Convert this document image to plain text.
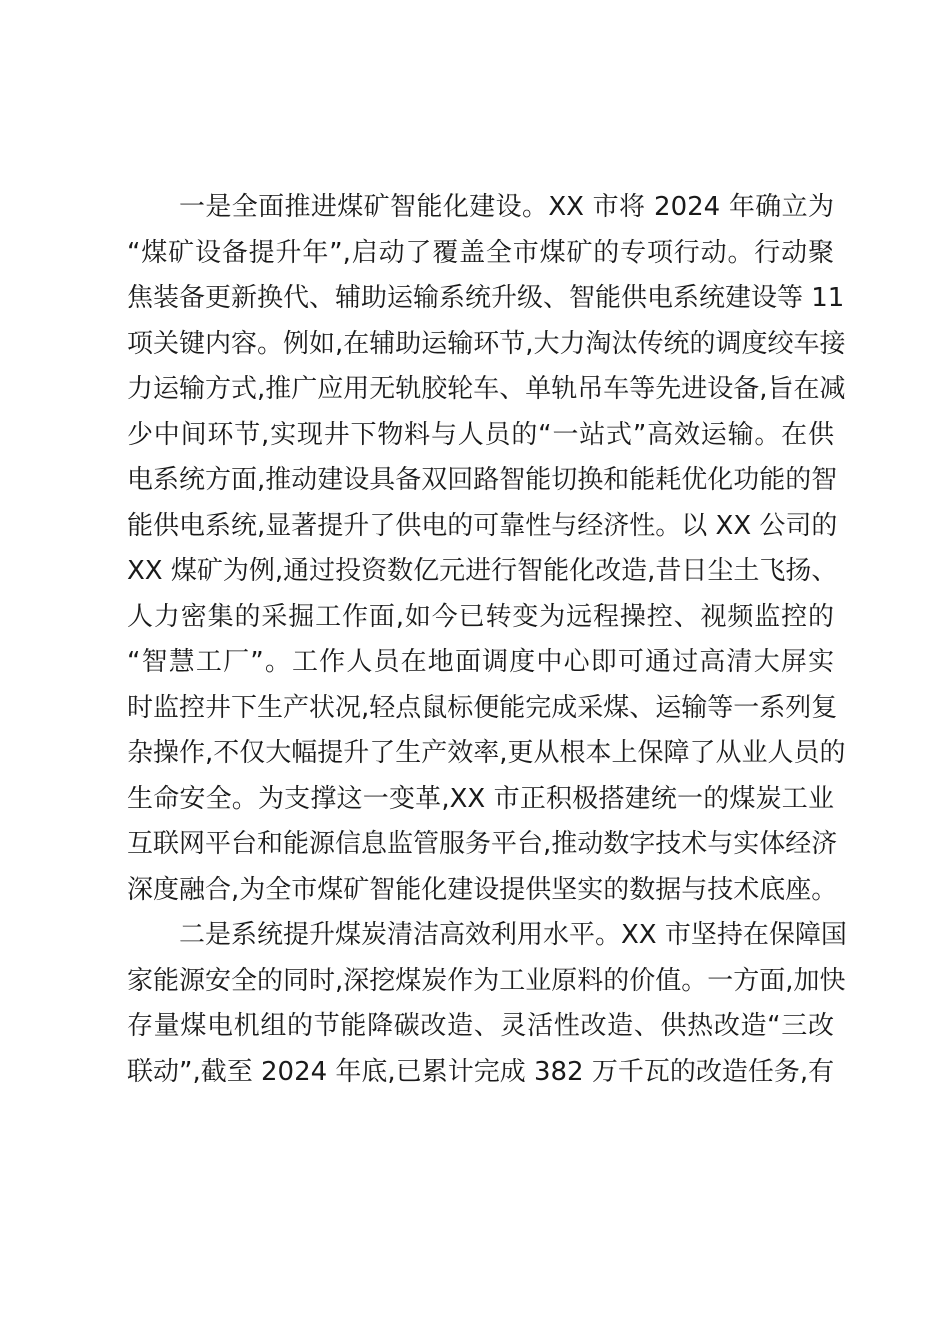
一是全面推进煤矿智能化建设。XX 市将 2024 年确立为
“煤矿设备提升年”,启动了覆盖全市煤矿的专项行动。行动聚
焦装备更新换代、辅助运输系统升级、智能供电系统建设等 11
项关键内容。例如,在辅助运输环节,大力淘汰传统的调度绞车接
力运输方式,推广应用无轨胶轮车、单轨吊车等先进设备,旨在减
少中间环节,实现井下物料与人员的“一站式”高效运输。在供
电系统方面,推动建设具备双回路智能切换和能耗优化功能的智
能供电系统,显著提升了供电的可靠性与经济性。以 XX 公司的
XX 煤矿为例,通过投资数亿元进行智能化改造,昔日尘土飞扬、
人力密集的采掘工作面,如今已转变为远程操控、视频监控的
“智慧工厂”。工作人员在地面调度中心即可通过高清大屏实
时监控井下生产状况,轻点鼠标便能完成采煤、运输等一系列复
杂操作,不仅大幅提升了生产效率,更从根本上保障了从业人员的
生命安全。为支撑这一变革,XX 市正积极搭建统一的煤炭工业
互联网平台和能源信息监管服务平台,推动数字技术与实体经济
深度融合,为全市煤矿智能化建设提供坚实的数据与技术底座。
二是系统提升煤炭清洁高效利用水平。XX 市坚持在保障国
家能源安全的同时,深挖煤炭作为工业原料的价值。一方面,加快
存量煤电机组的节能降碳改造、灵活性改造、供热改造“三改
联动”,截至 2024 年底,已累计完成 382 万千瓦的改造任务,有
